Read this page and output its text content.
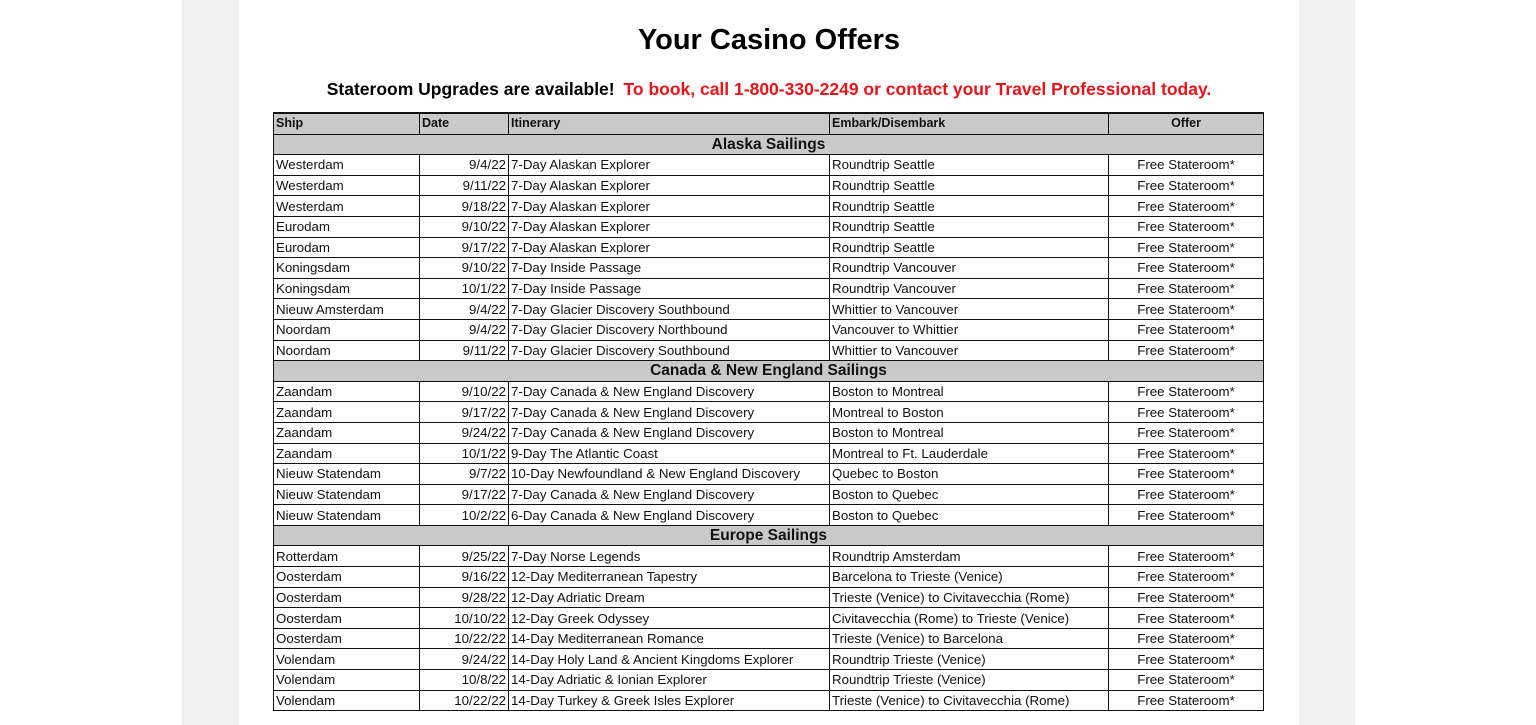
Your Casino Offers
Stateroom Upgrades are available! To book, call 1-800-330-2249 or contact your Travel Professional today.
Ship	Date	Itinerary	Embark/Disembark	Offer
Alaska Sailings				
Westerdam	9/4/22	7-Day Alaskan Explorer	Roundtrip Seattle	Free Stateroom*
Westerdam	9/11/22	7-Day Alaskan Explorer	Roundtrip Seattle	Free Stateroom*
Westerdam	9/18/22	7-Day Alaskan Explorer	Roundtrip Seattle	Free Stateroom*
Eurodam	9/10/22	7-Day Alaskan Explorer	Roundtrip Seattle	Free Stateroom*
Eurodam	9/17/22	7-Day Alaskan Explorer	Roundtrip Seattle	Free Stateroom*
Koningsdam	9/10/22	7-Day Inside Passage	Roundtrip Vancouver	Free Stateroom*
Koningsdam	10/1/22	7-Day Inside Passage	Roundtrip Vancouver	Free Stateroom*
Nieuw Amsterdam	9/4/22	7-Day Glacier Discovery Southbound	Whittier to Vancouver	Free Stateroom*
Noordam	9/4/22	7-Day Glacier Discovery Northbound	Vancouver to Whittier	Free Stateroom*
Noordam	9/11/22	7-Day Glacier Discovery Southbound	Whittier to Vancouver	Free Stateroom*
Canada & New England Sailings				
Zaandam	9/10/22	7-Day Canada & New England Discovery	Boston to Montreal	Free Stateroom*
Zaandam	9/17/22	7-Day Canada & New England Discovery	Montreal to Boston	Free Stateroom*
Zaandam	9/24/22	7-Day Canada & New England Discovery	Boston to Montreal	Free Stateroom*
Zaandam	10/1/22	9-Day The Atlantic Coast	Montreal to Ft. Lauderdale	Free Stateroom*
Nieuw Statendam	9/7/22	10-Day Newfoundland & New England Discovery	Quebec to Boston	Free Stateroom*
Nieuw Statendam	9/17/22	7-Day Canada & New England Discovery	Boston to Quebec	Free Stateroom*
Nieuw Statendam	10/2/22	6-Day Canada & New England Discovery	Boston to Quebec	Free Stateroom*
Europe Sailings				
Rotterdam	9/25/22	7-Day Norse Legends	Roundtrip Amsterdam	Free Stateroom*
Oosterdam	9/16/22	12-Day Mediterranean Tapestry	Barcelona to Trieste (Venice)	Free Stateroom*
Oosterdam	9/28/22	12-Day Adriatic Dream	Trieste (Venice) to Civitavecchia (Rome)	Free Stateroom*
Oosterdam	10/10/22	12-Day Greek Odyssey	Civitavecchia (Rome) to Trieste (Venice)	Free Stateroom*
Oosterdam	10/22/22	14-Day Mediterranean Romance	Trieste (Venice) to Barcelona	Free Stateroom*
Volendam	9/24/22	14-Day Holy Land & Ancient Kingdoms Explorer	Roundtrip Trieste (Venice)	Free Stateroom*
Volendam	10/8/22	14-Day Adriatic & Ionian Explorer	Roundtrip Trieste (Venice)	Free Stateroom*
Volendam	10/22/22	14-Day Turkey & Greek Isles Explorer	Trieste (Venice) to Civitavecchia (Rome)	Free Stateroom*
